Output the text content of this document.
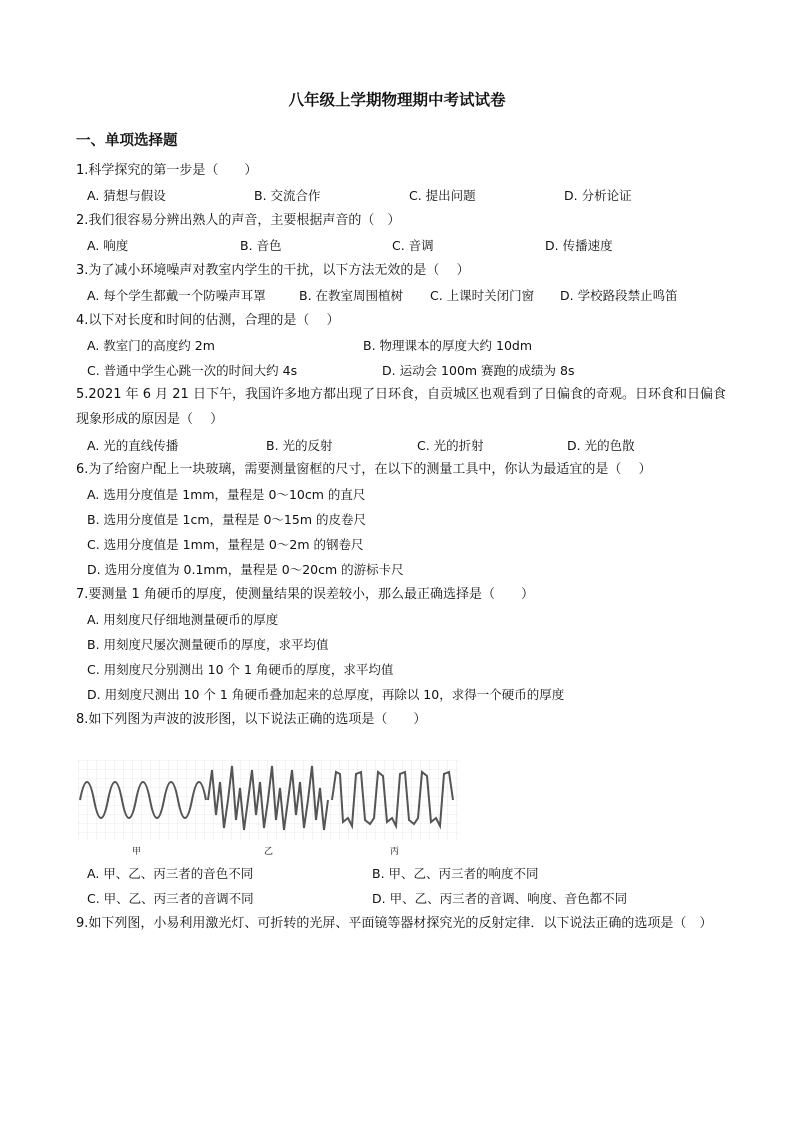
八年级上学期物理期中考试试卷
一、单项选择题
1.科学探究的第一步是（　　）
A. 猜想与假设	B. 交流合作	C. 提出问题	D. 分析论证
2.我们很容易分辨出熟人的声音，主要根据声音的（　）
A. 响度	B. 音色	C. 音调	D. 传播速度
3.为了减小环境噪声对教室内学生的干扰，以下方法无效的是（　 ）
A. 每个学生都戴一个防噪声耳罩	B. 在教室周围植树 C. 上课时关闭门窗 D. 学校路段禁止鸣笛
4.以下对长度和时间的估测，合理的是（　 ）
A. 教室门的高度约 2m	B. 物理课本的厚度大约 10dm
C. 普通中学生心跳一次的时间大约 4s	D. 运动会 100m 赛跑的成绩为 8s
5.2021 年 6 月 21 日下午，我国许多地方都出现了日环食，自贡城区也观看到了日偏食的奇观。日环食和日偏食现象形成的原因是（　 ）
A. 光的直线传播	B. 光的反射	C. 光的折射	D. 光的色散
6.为了给窗户配上一块玻璃，需要测量窗框的尺寸，在以下的测量工具中，你认为最适宜的是（　 ）
A. 选用分度值是 1mm，量程是 0～10cm 的直尺
B. 选用分度值是 1cm，量程是 0～15m 的皮卷尺
C. 选用分度值是 1mm，量程是 0～2m 的钢卷尺
D. 选用分度值为 0.1mm，量程是 0～20cm 的游标卡尺
7.要测量 1 角硬币的厚度，使测量结果的误差较小，那么最正确选择是（　　）
A. 用刻度尺仔细地测量硬币的厚度
B. 用刻度尺屡次测量硬币的厚度，求平均值
C. 用刻度尺分别测出 10 个 1 角硬币的厚度，求平均值
D. 用刻度尺测出 10 个 1 角硬币叠加起来的总厚度，再除以 10，求得一个硬币的厚度
8.如下列图为声波的波形图，以下说法正确的选项是（　　）
甲	乙	丙
A. 甲、乙、丙三者的音色不同	B. 甲、乙、丙三者的响度不同
C. 甲、乙、丙三者的音调不同	D. 甲、乙、丙三者的音调、响度、音色都不同
9.如下列图，小易利用激光灯、可折转的光屏、平面镜等器材探究光的反射定律．以下说法正确的选项是（　）
